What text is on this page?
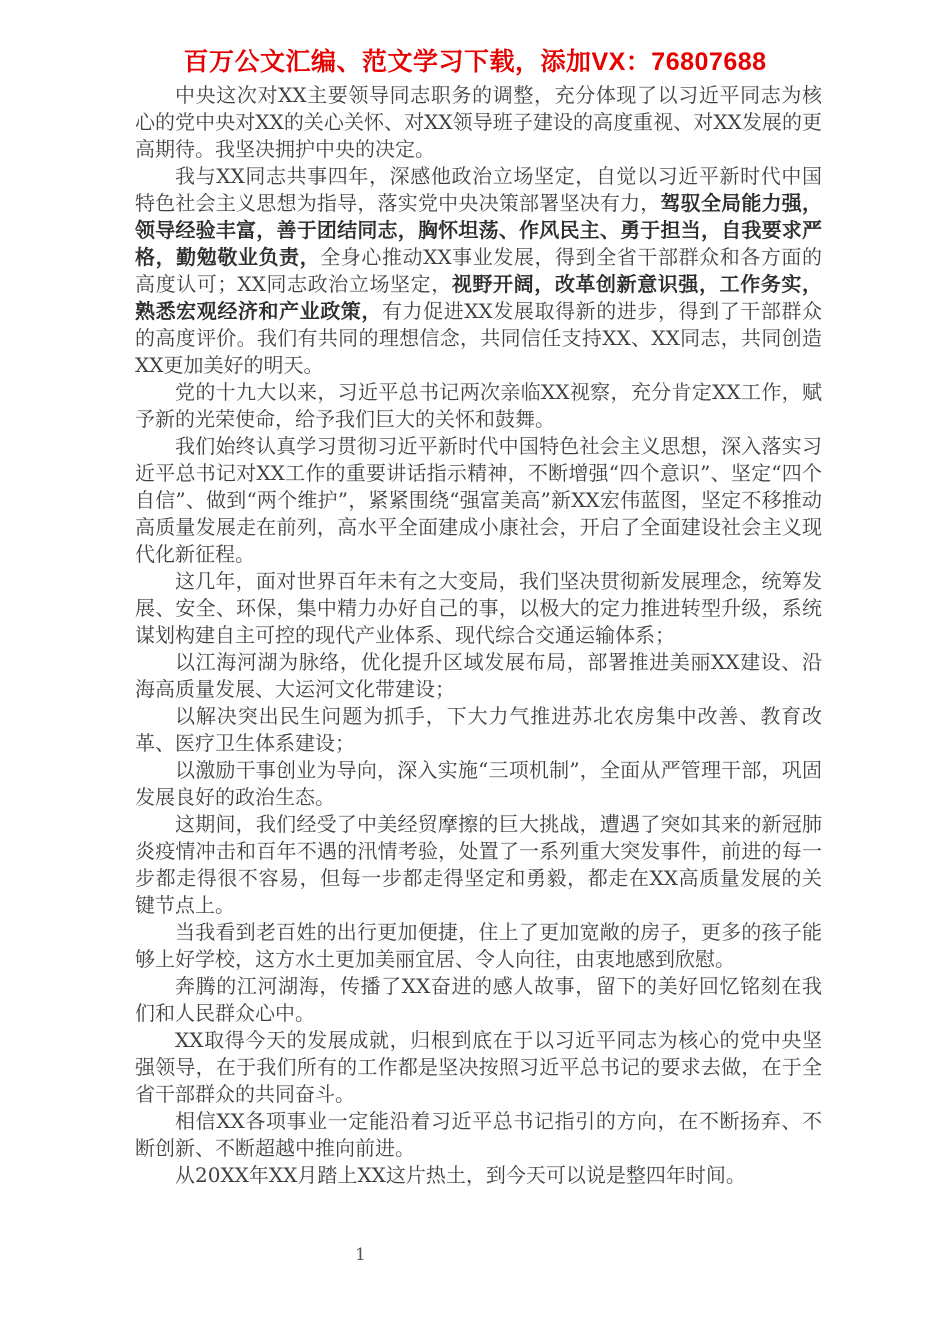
百万公文汇编、范文学习下载，添加VX：76807688

中央这次对XX主要领导同志职务的调整，充分体现了以习近平同志为核心的党中央对XX的关心关怀、对XX领导班子建设的高度重视、对XX发展的更高期待。我坚决拥护中央的决定。

我与XX同志共事四年，深感他政治立场坚定，自觉以习近平新时代中国特色社会主义思想为指导，落实党中央决策部署坚决有力，驾驭全局能力强，领导经验丰富，善于团结同志，胸怀坦荡、作风民主、勇于担当，自我要求严格，勤勉敬业负责，全身心推动XX事业发展，得到全省干部群众和各方面的高度认可；XX同志政治立场坚定，视野开阔，改革创新意识强，工作务实，熟悉宏观经济和产业政策，有力促进XX发展取得新的进步，得到了干部群众的高度评价。我们有共同的理想信念，共同信任支持XX、XX同志，共同创造XX更加美好的明天。

党的十九大以来，习近平总书记两次亲临XX视察，充分肯定XX工作，赋予新的光荣使命，给予我们巨大的关怀和鼓舞。

我们始终认真学习贯彻习近平新时代中国特色社会主义思想，深入落实习近平总书记对XX工作的重要讲话指示精神，不断增强“四个意识”、坚定“四个自信”、做到“两个维护”，紧紧围绕“强富美高”新XX宏伟蓝图，坚定不移推动高质量发展走在前列，高水平全面建成小康社会，开启了全面建设社会主义现代化新征程。

这几年，面对世界百年未有之大变局，我们坚决贯彻新发展理念，统筹发展、安全、环保，集中精力办好自己的事，以极大的定力推进转型升级，系统谋划构建自主可控的现代产业体系、现代综合交通运输体系；

以江海河湖为脉络，优化提升区域发展布局，部署推进美丽XX建设、沿海高质量发展、大运河文化带建设；

以解决突出民生问题为抓手，下大力气推进苏北农房集中改善、教育改革、医疗卫生体系建设；

以激励干事创业为导向，深入实施“三项机制”，全面从严管理干部，巩固发展良好的政治生态。

这期间，我们经受了中美经贸摩擦的巨大挑战，遭遇了突如其来的新冠肺炎疫情冲击和百年不遇的汛情考验，处置了一系列重大突发事件，前进的每一步都走得很不容易，但每一步都走得坚定和勇毅，都走在XX高质量发展的关键节点上。

当我看到老百姓的出行更加便捷，住上了更加宽敞的房子，更多的孩子能够上好学校，这方水土更加美丽宜居、令人向往，由衷地感到欣慰。

奔腾的江河湖海，传播了XX奋进的感人故事，留下的美好回忆铭刻在我们和人民群众心中。

XX取得今天的发展成就，归根到底在于以习近平同志为核心的党中央坚强领导，在于我们所有的工作都是坚决按照习近平总书记的要求去做，在于全省干部群众的共同奋斗。

相信XX各项事业一定能沿着习近平总书记指引的方向，在不断扬弃、不断创新、不断超越中推向前进。

从20XX年XX月踏上XX这片热土，到今天可以说是整四年时间。

1
